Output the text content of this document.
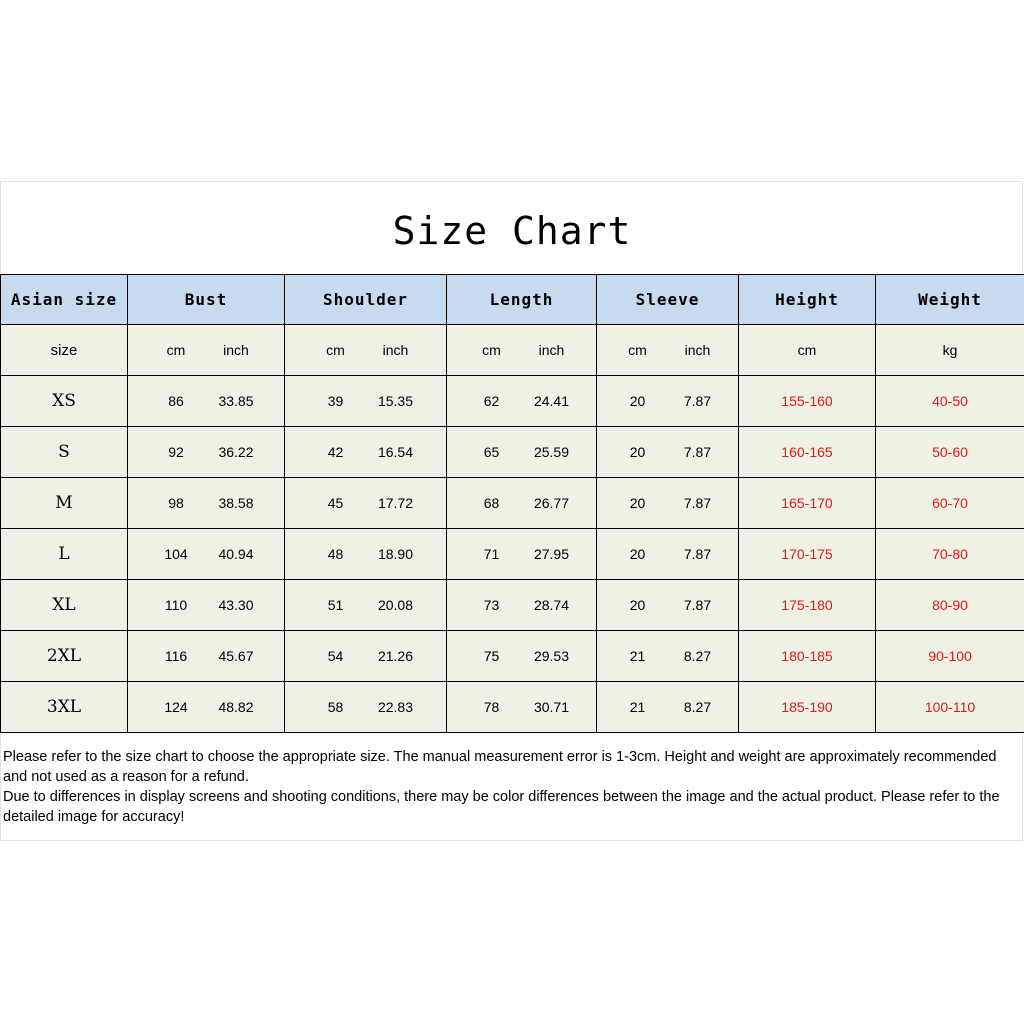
Size Chart
Asian size	Bust	Shoulder	Length	Sleeve	Height	Weight
size	cm inch	cm inch	cm inch	cm inch	cm	kg
XS	86 33.85	39 15.35	62 24.41	20 7.87	155-160	40-50
S	92 36.22	42 16.54	65 25.59	20 7.87	160-165	50-60
M	98 38.58	45 17.72	68 26.77	20 7.87	165-170	60-70
L	104 40.94	48 18.90	71 27.95	20 7.87	170-175	70-80
XL	110 43.30	51 20.08	73 28.74	20 7.87	175-180	80-90
2XL	116 45.67	54 21.26	75 29.53	21 8.27	180-185	90-100
3XL	124 48.82	58 22.83	78 30.71	21 8.27	185-190	100-110

Please refer to the size chart to choose the appropriate size. The manual measurement error is 1-3cm. Height and weight are approximately recommended and not used as a reason for a refund.

Due to differences in display screens and shooting conditions, there may be color differences between the image and the actual product. Please refer to the detailed image for accuracy!
